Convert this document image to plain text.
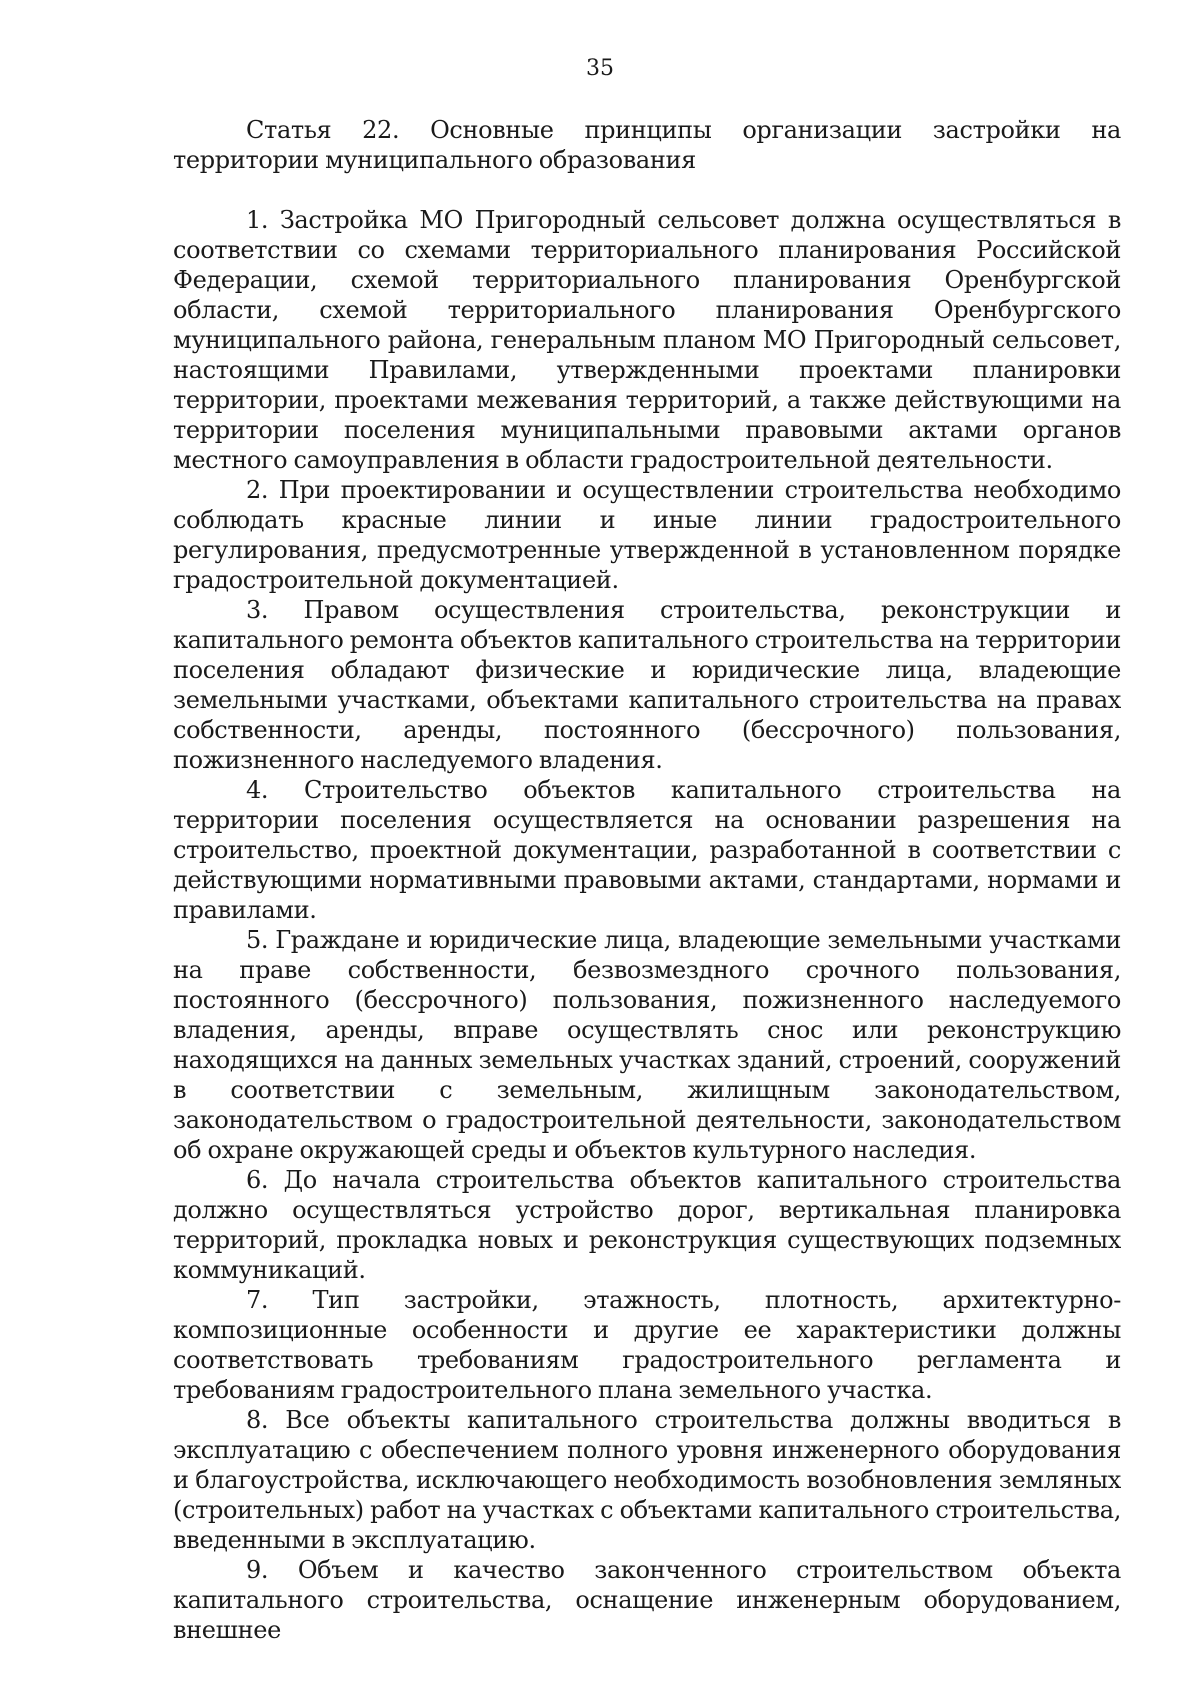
35

Статья 22. Основные принципы организации застройки на территории муниципального образования

1. Застройка МО Пригородный сельсовет должна осуществляться в соответствии со схемами территориального планирования Российской Федерации, схемой территориального планирования Оренбургской области, схемой территориального планирования Оренбургского муниципального района, генеральным планом МО Пригородный сельсовет, настоящими Правилами, утвержденными проектами планировки территории, проектами межевания территорий, а также действующими на территории поселения муниципальными правовыми актами органов местного самоуправления в области градостроительной деятельности.

2. При проектировании и осуществлении строительства необходимо соблюдать красные линии и иные линии градостроительного регулирования, предусмотренные утвержденной в установленном порядке градостроительной документацией.

3. Правом осуществления строительства, реконструкции и капитального ремонта объектов капитального строительства на территории поселения обладают физические и юридические лица, владеющие земельными участками, объектами капитального строительства на правах собственности, аренды, постоянного (бессрочного) пользования, пожизненного наследуемого владения.

4. Строительство объектов капитального строительства на территории поселения осуществляется на основании разрешения на строительство, проектной документации, разработанной в соответствии с действующими нормативными правовыми актами, стандартами, нормами и правилами.

5. Граждане и юридические лица, владеющие земельными участками на праве собственности, безвозмездного срочного пользования, постоянного (бессрочного) пользования, пожизненного наследуемого владения, аренды, вправе осуществлять снос или реконструкцию находящихся на данных земельных участках зданий, строений, сооружений в соответствии с земельным, жилищным законодательством, законодательством о градостроительной деятельности, законодательством об охране окружающей среды и объектов культурного наследия.

6. До начала строительства объектов капитального строительства должно осуществляться устройство дорог, вертикальная планировка территорий, прокладка новых и реконструкция существующих подземных коммуникаций.

7. Тип застройки, этажность, плотность, архитектурно-композиционные особенности и другие ее характеристики должны соответствовать требованиям градостроительного регламента и требованиям градостроительного плана земельного участка.

8. Все объекты капитального строительства должны вводиться в эксплуатацию с обеспечением полного уровня инженерного оборудования и благоустройства, исключающего необходимость возобновления земляных (строительных) работ на участках с объектами капитального строительства, введенными в эксплуатацию.

9. Объем и качество законченного строительством объекта капитального строительства, оснащение инженерным оборудованием, внешнее
